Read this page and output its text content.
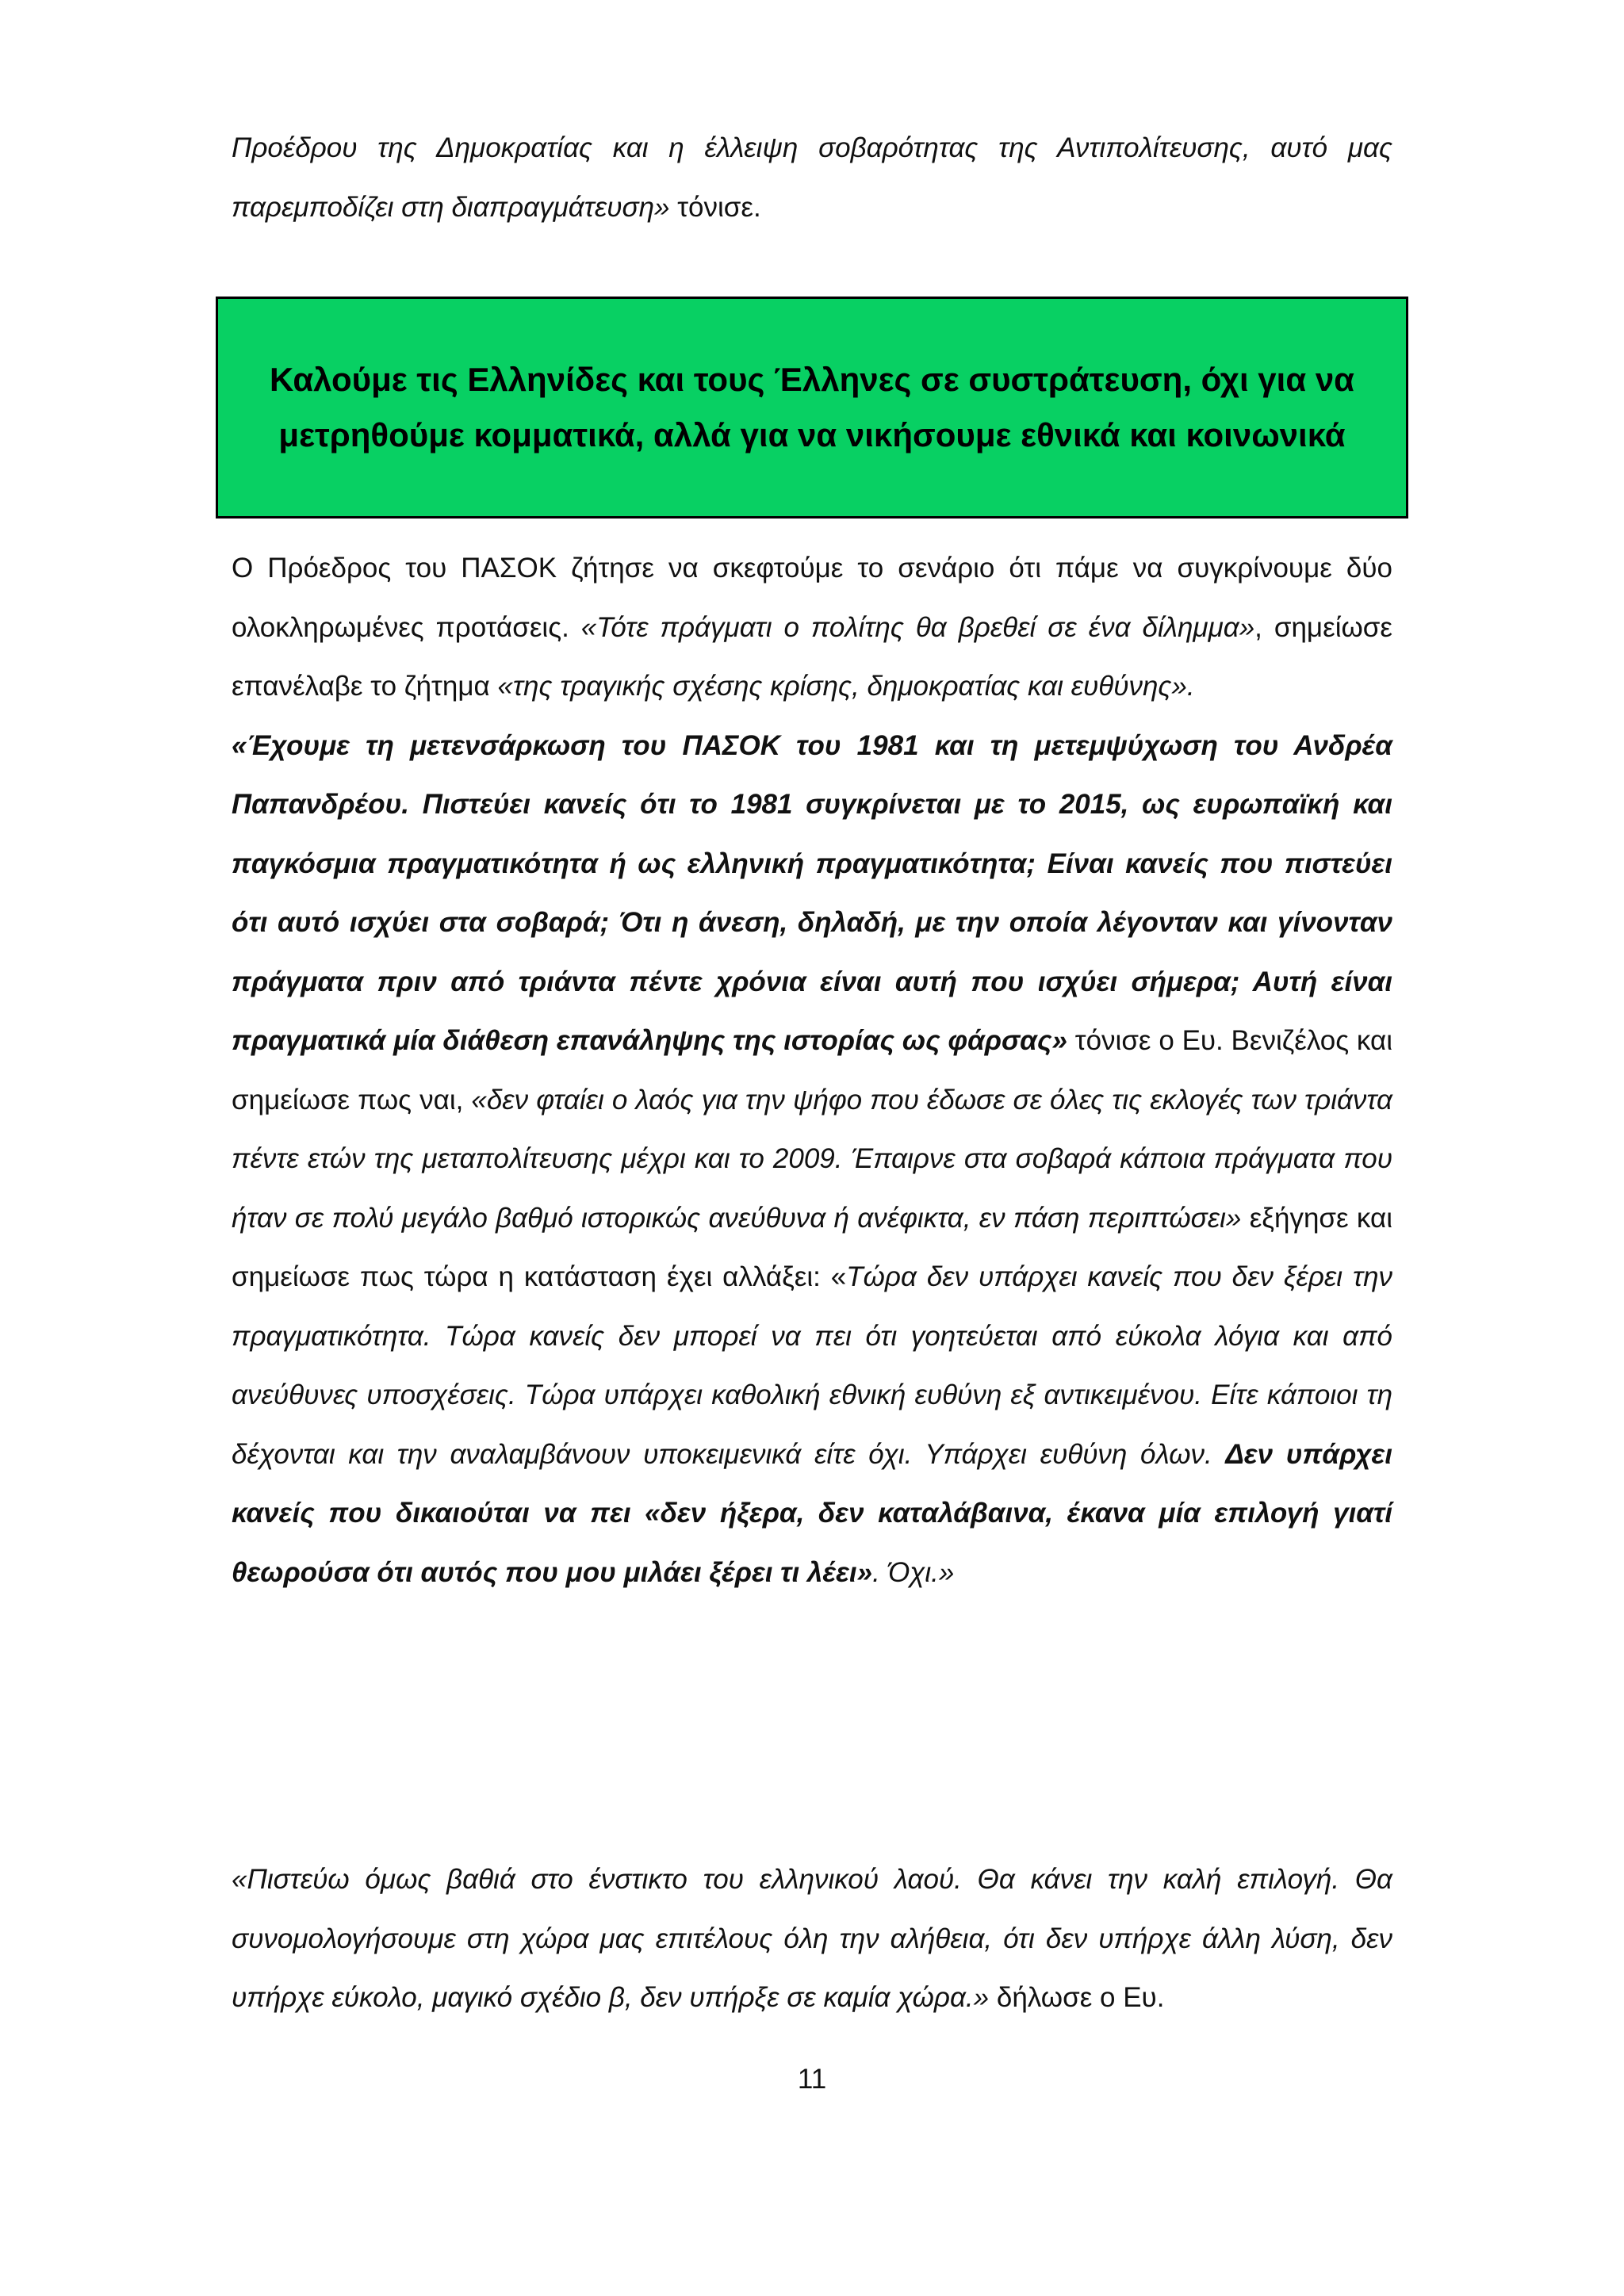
Προέδρου της Δημοκρατίας και η έλλειψη σοβαρότητας της Αντιπολίτευσης, αυτό μας παρεμποδίζει στη διαπραγμάτευση» τόνισε.

Καλούμε τις Ελληνίδες και τους Έλληνες σε συστράτευση, όχι για να μετρηθούμε κομματικά, αλλά για να νικήσουμε εθνικά και κοινωνικά

Ο Πρόεδρος του ΠΑΣΟΚ ζήτησε να σκεφτούμε το σενάριο ότι πάμε να συγκρίνουμε δύο ολοκληρωμένες προτάσεις. «Τότε πράγματι ο πολίτης θα βρεθεί σε ένα δίλημμα», σημείωσε επανέλαβε το ζήτημα «της τραγικής σχέσης κρίσης, δημοκρατίας και ευθύνης».

«Έχουμε τη μετενσάρκωση του ΠΑΣΟΚ του 1981 και τη μετεμψύχωση του Ανδρέα Παπανδρέου. Πιστεύει κανείς ότι το 1981 συγκρίνεται με το 2015, ως ευρωπαϊκή και παγκόσμια πραγματικότητα ή ως ελληνική πραγματικότητα; Είναι κανείς που πιστεύει ότι αυτό ισχύει στα σοβαρά; Ότι η άνεση, δηλαδή, με την οποία λέγονταν και γίνονταν πράγματα πριν από τριάντα πέντε χρόνια είναι αυτή που ισχύει σήμερα; Αυτή είναι πραγματικά μία διάθεση επανάληψης της ιστορίας ως φάρσας» τόνισε ο Ευ. Βενιζέλος και σημείωσε πως ναι, «δεν φταίει ο λαός για την ψήφο που έδωσε σε όλες τις εκλογές των τριάντα πέντε ετών της μεταπολίτευσης μέχρι και το 2009. Έπαιρνε στα σοβαρά κάποια πράγματα που ήταν σε πολύ μεγάλο βαθμό ιστορικώς ανεύθυνα ή ανέφικτα, εν πάση περιπτώσει» εξήγησε και σημείωσε πως τώρα η κατάσταση έχει αλλάξει: «Τώρα δεν υπάρχει κανείς που δεν ξέρει την πραγματικότητα. Τώρα κανείς δεν μπορεί να πει ότι γοητεύεται από εύκολα λόγια και από ανεύθυνες υποσχέσεις. Τώρα υπάρχει καθολική εθνική ευθύνη εξ αντικειμένου. Είτε κάποιοι τη δέχονται και την αναλαμβάνουν υποκειμενικά είτε όχι. Υπάρχει ευθύνη όλων. Δεν υπάρχει κανείς που δικαιούται να πει «δεν ήξερα, δεν καταλάβαινα, έκανα μία επιλογή γιατί θεωρούσα ότι αυτός που μου μιλάει ξέρει τι λέει». Όχι.»

«Πιστεύω όμως βαθιά στο ένστικτο του ελληνικού λαού. Θα κάνει την καλή επιλογή. Θα συνομολογήσουμε στη χώρα μας επιτέλους όλη την αλήθεια, ότι δεν υπήρχε άλλη λύση, δεν υπήρχε εύκολο, μαγικό σχέδιο β, δεν υπήρξε σε καμία χώρα.» δήλωσε ο Ευ.

11
